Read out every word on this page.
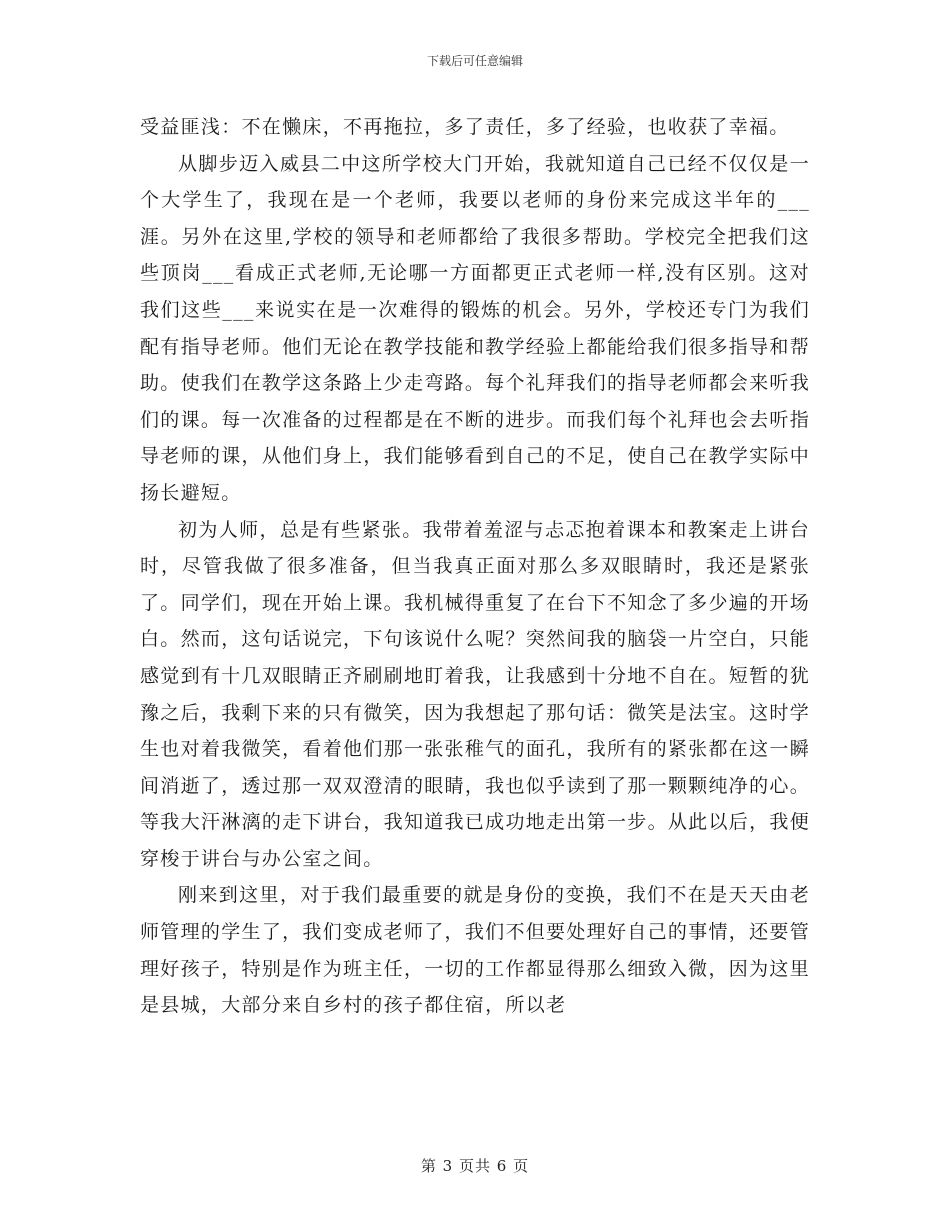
下载后可任意编辑

受益匪浅：不在懒床，不再拖拉，多了责任，多了经验，也收获了幸福。

从脚步迈入威县二中这所学校大门开始，我就知道自己已经不仅仅是一个大学生了，我现在是一个老师，我要以老师的身份来完成这半年的___涯。另外在这里,学校的领导和老师都给了我很多帮助。学校完全把我们这些顶岗___看成正式老师,无论哪一方面都更正式老师一样,没有区别。这对我们这些___来说实在是一次难得的锻炼的机会。另外，学校还专门为我们配有指导老师。他们无论在教学技能和教学经验上都能给我们很多指导和帮助。使我们在教学这条路上少走弯路。每个礼拜我们的指导老师都会来听我们的课。每一次准备的过程都是在不断的进步。而我们每个礼拜也会去听指导老师的课，从他们身上，我们能够看到自己的不足，使自己在教学实际中扬长避短。

初为人师，总是有些紧张。我带着羞涩与忐忑抱着课本和教案走上讲台时，尽管我做了很多准备，但当我真正面对那么多双眼睛时，我还是紧张了。同学们，现在开始上课。我机械得重复了在台下不知念了多少遍的开场白。然而，这句话说完，下句该说什么呢？突然间我的脑袋一片空白，只能感觉到有十几双眼睛正齐刷刷地盯着我，让我感到十分地不自在。短暂的犹豫之后，我剩下来的只有微笑，因为我想起了那句话：微笑是法宝。这时学生也对着我微笑，看着他们那一张张稚气的面孔，我所有的紧张都在这一瞬间消逝了，透过那一双双澄清的眼睛，我也似乎读到了那一颗颗纯净的心。等我大汗淋漓的走下讲台，我知道我已成功地走出第一步。从此以后，我便穿梭于讲台与办公室之间。

刚来到这里，对于我们最重要的就是身份的变换，我们不在是天天由老师管理的学生了，我们变成老师了，我们不但要处理好自己的事情，还要管理好孩子，特别是作为班主任，一切的工作都显得那么细致入微，因为这里是县城，大部分来自乡村的孩子都住宿，所以老

第 3 页共 6 页
